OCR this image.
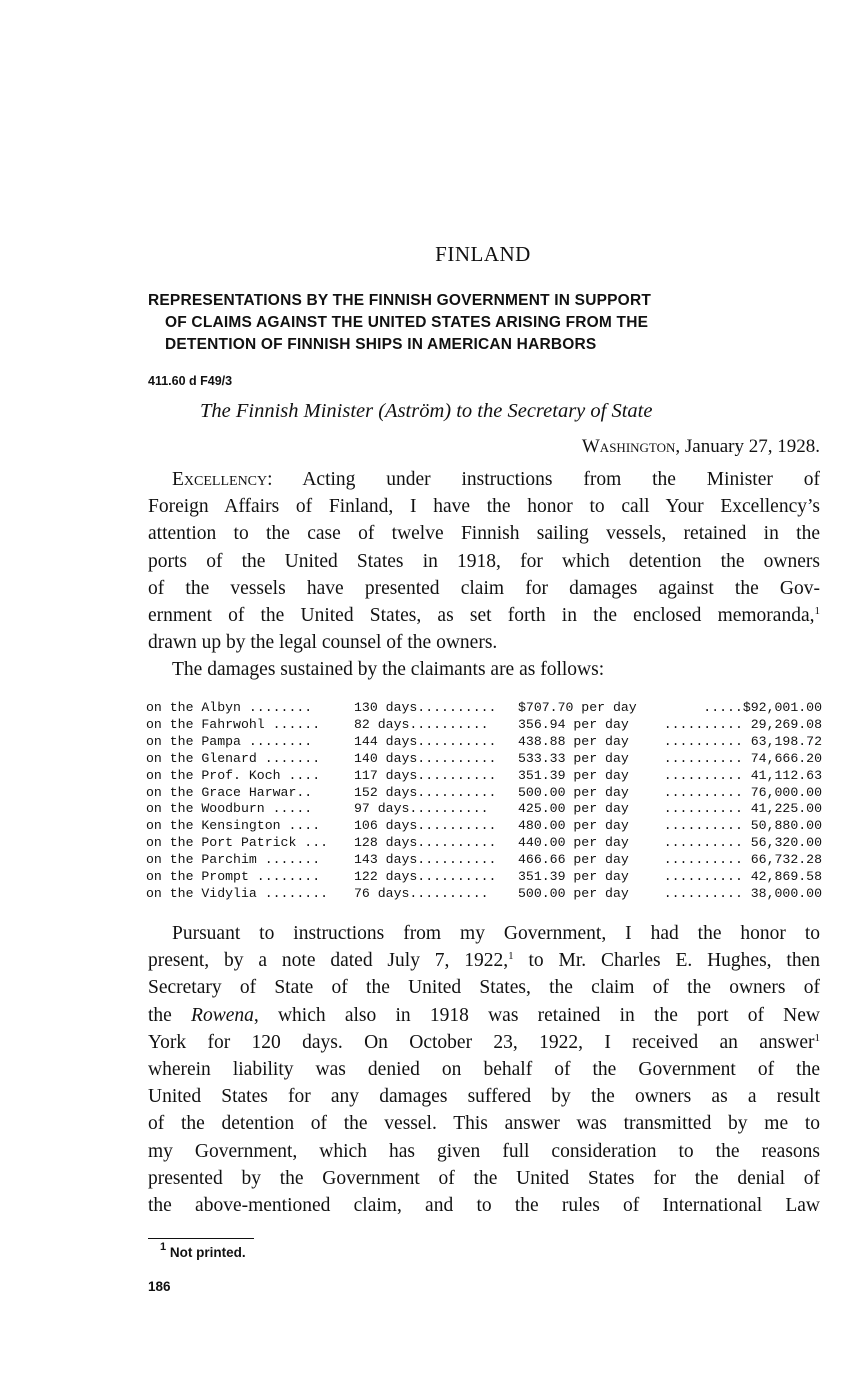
FINLAND
REPRESENTATIONS BY THE FINNISH GOVERNMENT IN SUPPORT
OF CLAIMS AGAINST THE UNITED STATES ARISING FROM THE
DETENTION OF FINNISH SHIPS IN AMERICAN HARBORS
411.60 d F49/3
The Finnish Minister (Aström) to the Secretary of State
Washington, January 27, 1928.
Excellency: Acting under instructions from the Minister of
Foreign Affairs of Finland, I have the honor to call Your Excellency’s
attention to the case of twelve Finnish sailing vessels, retained in the
ports of the United States in 1918, for which detention the owners
of the vessels have presented claim for damages against the Gov-
ernment of the United States, as set forth in the enclosed memoranda,$^1$
drawn up by the legal counsel of the owners.
The damages sustained by the claimants are as follows:
on the Albyn ........	130 days..........	$707.70 per day	.....$92,001.00
on the Fahrwohl ......	82 days..........	356.94 per day	.......... 29,269.08
on the Pampa ........	144 days..........	438.88 per day	.......... 63,198.72
on the Glenard .......	140 days..........	533.33 per day	.......... 74,666.20
on the Prof. Koch ....	117 days..........	351.39 per day	.......... 41,112.63
on the Grace Harwar..	152 days..........	500.00 per day	.......... 76,000.00
on the Woodburn .....	97 days..........	425.00 per day	.......... 41,225.00
on the Kensington ....	106 days..........	480.00 per day	.......... 50,880.00
on the Port Patrick ...	128 days..........	440.00 per day	.......... 56,320.00
on the Parchim .......	143 days..........	466.66 per day	.......... 66,732.28
on the Prompt ........	122 days..........	351.39 per day	.......... 42,869.58
on the Vidylia ........	76 days..........	500.00 per day	.......... 38,000.00
Pursuant to instructions from my Government, I had the honor to
present, by a note dated July 7, 1922,$^1$ to Mr. Charles E. Hughes, then
Secretary of State of the United States, the claim of the owners of
the Rowena, which also in 1918 was retained in the port of New
York for 120 days. On October 23, 1922, I received an answer$^1$
wherein liability was denied on behalf of the Government of the
United States for any damages suffered by the owners as a result
of the detention of the vessel. This answer was transmitted by me to
my Government, which has given full consideration to the reasons
presented by the Government of the United States for the denial of
the above-mentioned claim, and to the rules of International Law
$^1$ Not printed.
186
